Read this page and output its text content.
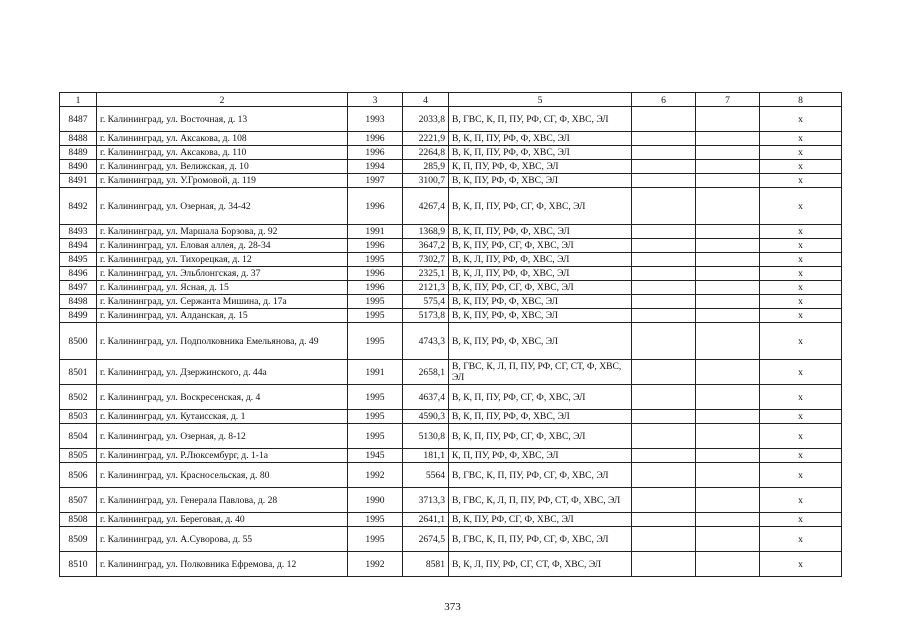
1	2	3	4	5	6	7	8
8487	г. Калининград, ул. Восточная, д. 13	1993	2033,8	В, ГВС, К, П, ПУ, РФ, СГ, Ф, ХВС, ЭЛ			x
8488	г. Калининград, ул. Аксакова, д. 108	1996	2221,9	В, К, П, ПУ, РФ, Ф, ХВС, ЭЛ			x
8489	г. Калининград, ул. Аксакова, д. 110	1996	2264,8	В, К, П, ПУ, РФ, Ф, ХВС, ЭЛ			x
8490	г. Калининград, ул. Велижская, д. 10	1994	285,9	К, П, ПУ, РФ, Ф, ХВС, ЭЛ			x
8491	г. Калининград, ул. У.Громовой, д. 119	1997	3100,7	В, К, ПУ, РФ, Ф, ХВС, ЭЛ			x
8492	г. Калининград, ул. Озерная, д. 34-42	1996	4267,4	В, К, П, ПУ, РФ, СГ, Ф, ХВС, ЭЛ			x
8493	г. Калининград, ул. Маршала Борзова, д. 92	1991	1368,9	В, К, П, ПУ, РФ, Ф, ХВС, ЭЛ			x
8494	г. Калининград, ул. Еловая аллея, д. 28-34	1996	3647,2	В, К, ПУ, РФ, СГ, Ф, ХВС, ЭЛ			x
8495	г. Калининград, ул. Тихорецкая, д. 12	1995	7302,7	В, К, Л, ПУ, РФ, Ф, ХВС, ЭЛ			x
8496	г. Калининград, ул. Эльблонгская, д. 37	1996	2325,1	В, К, Л, ПУ, РФ, Ф, ХВС, ЭЛ			x
8497	г. Калининград, ул. Ясная, д. 15	1996	2121,3	В, К, ПУ, РФ, СГ, Ф, ХВС, ЭЛ			x
8498	г. Калининград, ул. Сержанта Мишина, д. 17а	1995	575,4	В, К, ПУ, РФ, Ф, ХВС, ЭЛ			x
8499	г. Калининград, ул. Алданская, д. 15	1995	5173,8	В, К, ПУ, РФ, Ф, ХВС, ЭЛ			x
8500	г. Калининград, ул. Подполковника Емельянова, д. 49	1995	4743,3	В, К, ПУ, РФ, Ф, ХВС, ЭЛ			x
8501	г. Калининград, ул. Дзержинского, д. 44а	1991	2658,1	В, ГВС, К, Л, П, ПУ, РФ, СГ, СТ, Ф, ХВС, ЭЛ			x
8502	г. Калининград, ул. Воскресенская, д. 4	1995	4637,4	В, К, П, ПУ, РФ, СГ, Ф, ХВС, ЭЛ			x
8503	г. Калининград, ул. Кутаисская, д. 1	1995	4590,3	В, К, П, ПУ, РФ, Ф, ХВС, ЭЛ			x
8504	г. Калининград, ул. Озерная, д. 8-12	1995	5130,8	В, К, П, ПУ, РФ, СГ, Ф, ХВС, ЭЛ			x
8505	г. Калининград, ул. Р.Люксембург, д. 1-1а	1945	181,1	К, П, ПУ, РФ, Ф, ХВС, ЭЛ			x
8506	г. Калининград, ул. Красносельская, д. 80	1992	5564	В, ГВС, К, П, ПУ, РФ, СГ, Ф, ХВС, ЭЛ			x
8507	г. Калининград, ул. Генерала Павлова, д. 28	1990	3713,3	В, ГВС, К, Л, П, ПУ, РФ, СТ, Ф, ХВС, ЭЛ			x
8508	г. Калининград, ул. Береговая, д. 40	1995	2641,1	В, К, ПУ, РФ, СГ, Ф, ХВС, ЭЛ			x
8509	г. Калининград, ул. А.Суворова, д. 55	1995	2674,5	В, ГВС, К, П, ПУ, РФ, СГ, Ф, ХВС, ЭЛ			x
8510	г. Калининград, ул. Полковника Ефремова, д. 12	1992	8581	В, К, Л, ПУ, РФ, СГ, СТ, Ф, ХВС, ЭЛ			x
373
